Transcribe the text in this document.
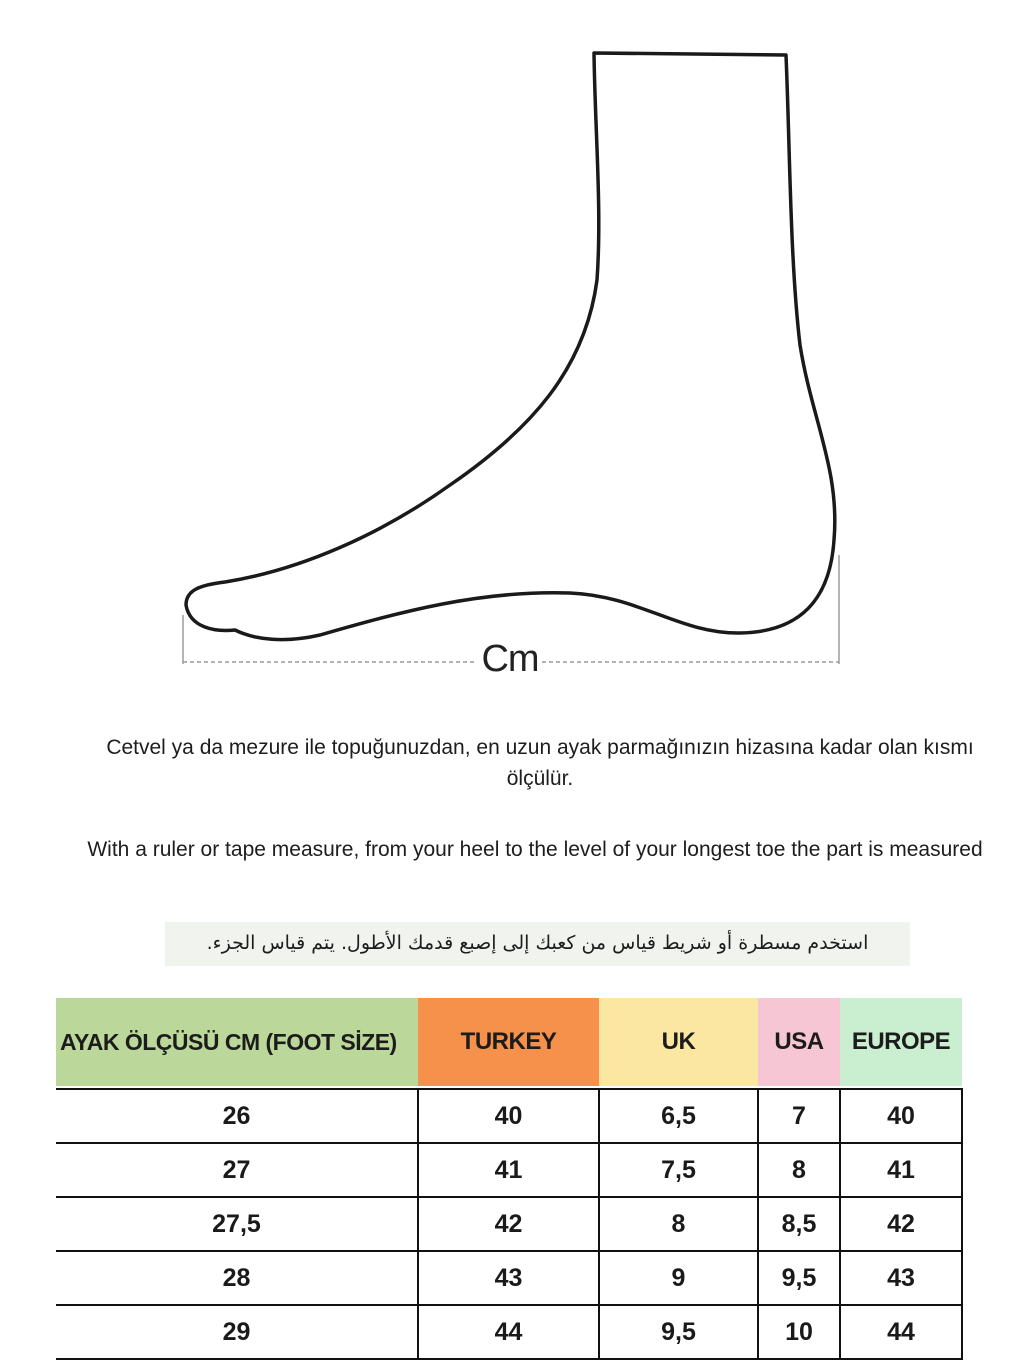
Cm
Cetvel ya da mezure ile topuğunuzdan, en uzun ayak parmağınızın hizasına kadar olan kısmı ölçülür.
With a ruler or tape measure, from your heel to the level of your longest toe the part is measured
استخدم مسطرة أو شريط قياس من كعبك إلى إصبع قدمك الأطول. يتم قياس الجزء.
AYAK ÖLÇÜSÜ CM (FOOT SİZE)	TURKEY	UK	USA	EUROPE

26	40	6,5	7	40
27	41	7,5	8	41
27,5	42	8	8,5	42
28	43	9	9,5	43
29	44	9,5	10	44
